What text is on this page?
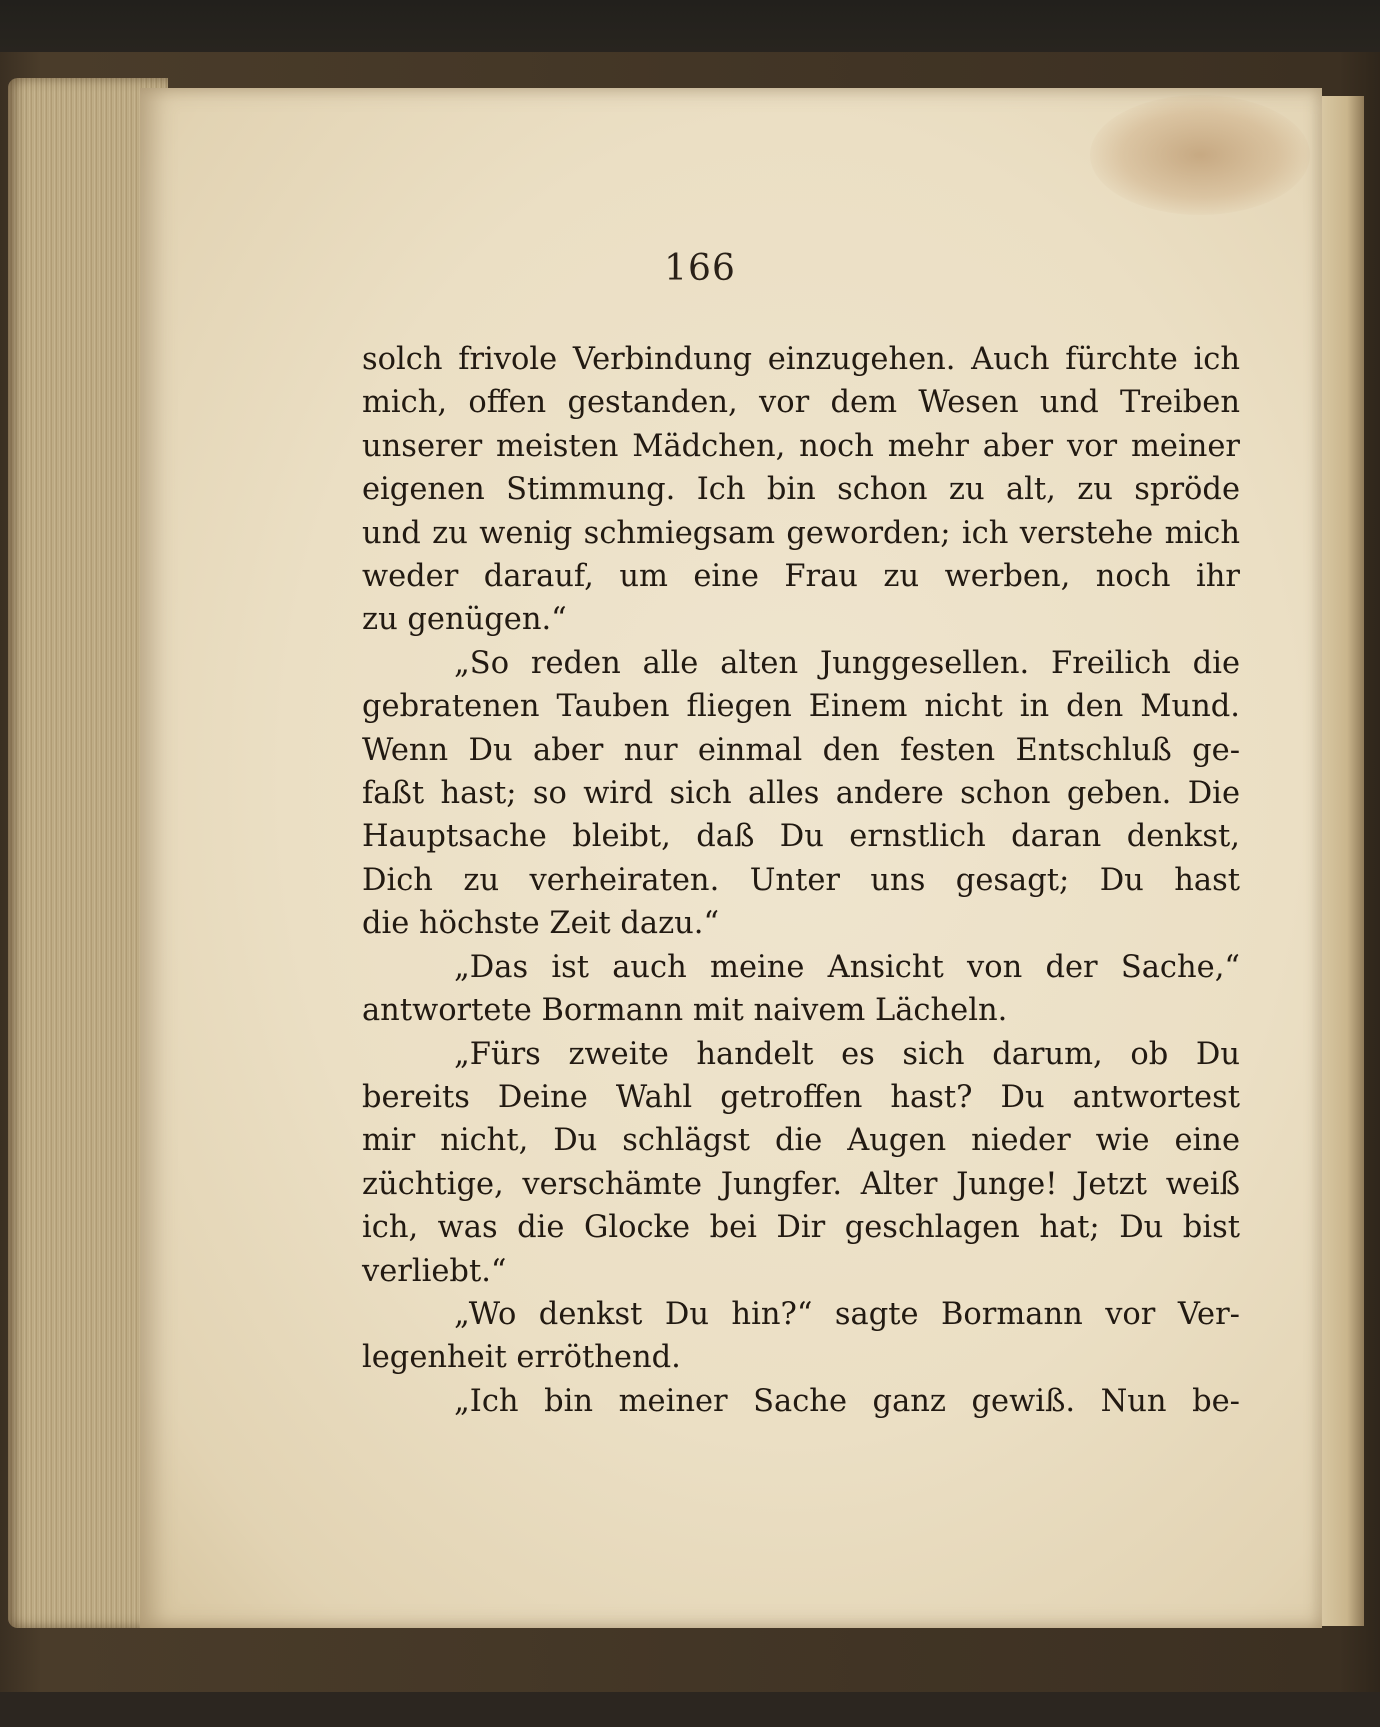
166
solch frivole Verbindung einzugehen. Auch fürchte ich
mich, offen gestanden, vor dem Wesen und Treiben
unserer meisten Mädchen, noch mehr aber vor meiner
eigenen Stimmung. Ich bin schon zu alt, zu spröde
und zu wenig schmiegsam geworden; ich verstehe mich
weder darauf, um eine Frau zu werben, noch ihr
zu genügen.“
„So reden alle alten Junggesellen. Freilich die
gebratenen Tauben fliegen Einem nicht in den Mund.
Wenn Du aber nur einmal den festen Entschluß ge-
faßt hast; so wird sich alles andere schon geben. Die
Hauptsache bleibt, daß Du ernstlich daran denkst,
Dich zu verheiraten. Unter uns gesagt; Du hast
die höchste Zeit dazu.“
„Das ist auch meine Ansicht von der Sache,“
antwortete Bormann mit naivem Lächeln.
„Fürs zweite handelt es sich darum, ob Du
bereits Deine Wahl getroffen hast? Du antwortest
mir nicht, Du schlägst die Augen nieder wie eine
züchtige, verschämte Jungfer. Alter Junge! Jetzt weiß
ich, was die Glocke bei Dir geschlagen hat; Du bist
verliebt.“
„Wo denkst Du hin?“ sagte Bormann vor Ver-
legenheit erröthend.
„Ich bin meiner Sache ganz gewiß. Nun be-
